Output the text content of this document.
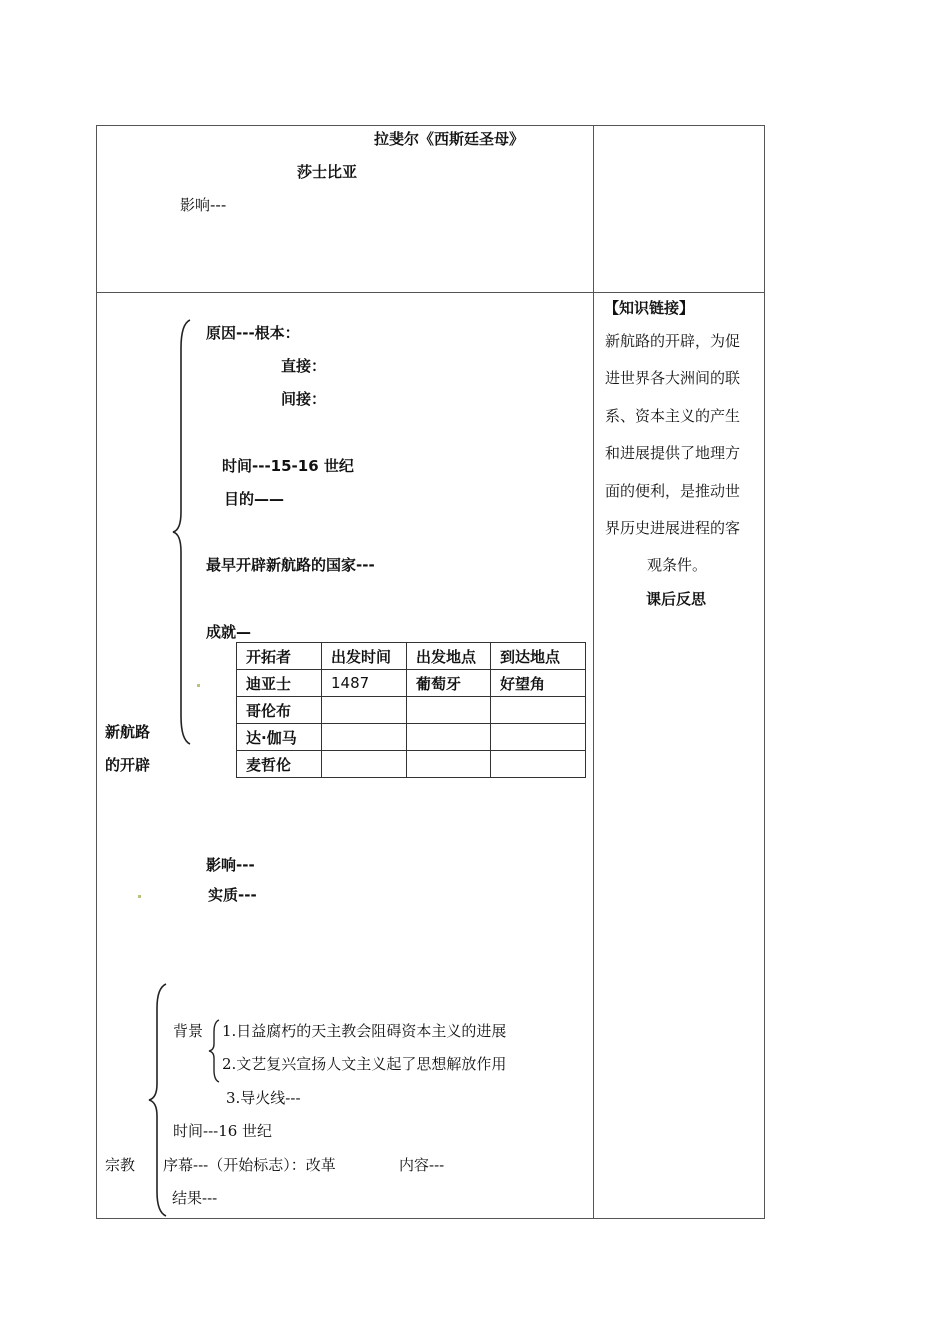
拉斐尔《西斯廷圣母》
莎士比亚
影响---
原因---根本：
直接：
间接：
时间---15-16 世纪
目的——
最早开辟新航路的国家---
成就—
开拓者	出发时间	出发地点	到达地点
迪亚士	1487	葡萄牙	好望角
哥伦布			
达·伽马			
麦哲伦			
新航路
的开辟
影响---
实质---
背景 1.日益腐朽的天主教会阻碍资本主义的进展
2.文艺复兴宣扬人文主义起了思想解放作用
3.导火线---
时间---16 世纪
宗教 序幕---（开始标志）：改革	内容---
结果---
【知识链接】
新航路的开辟，为促
进世界各大洲间的联
系、资本主义的产生
和进展提供了地理方
面的便利，是推动世
界历史进展进程的客
观条件。
课后反思
